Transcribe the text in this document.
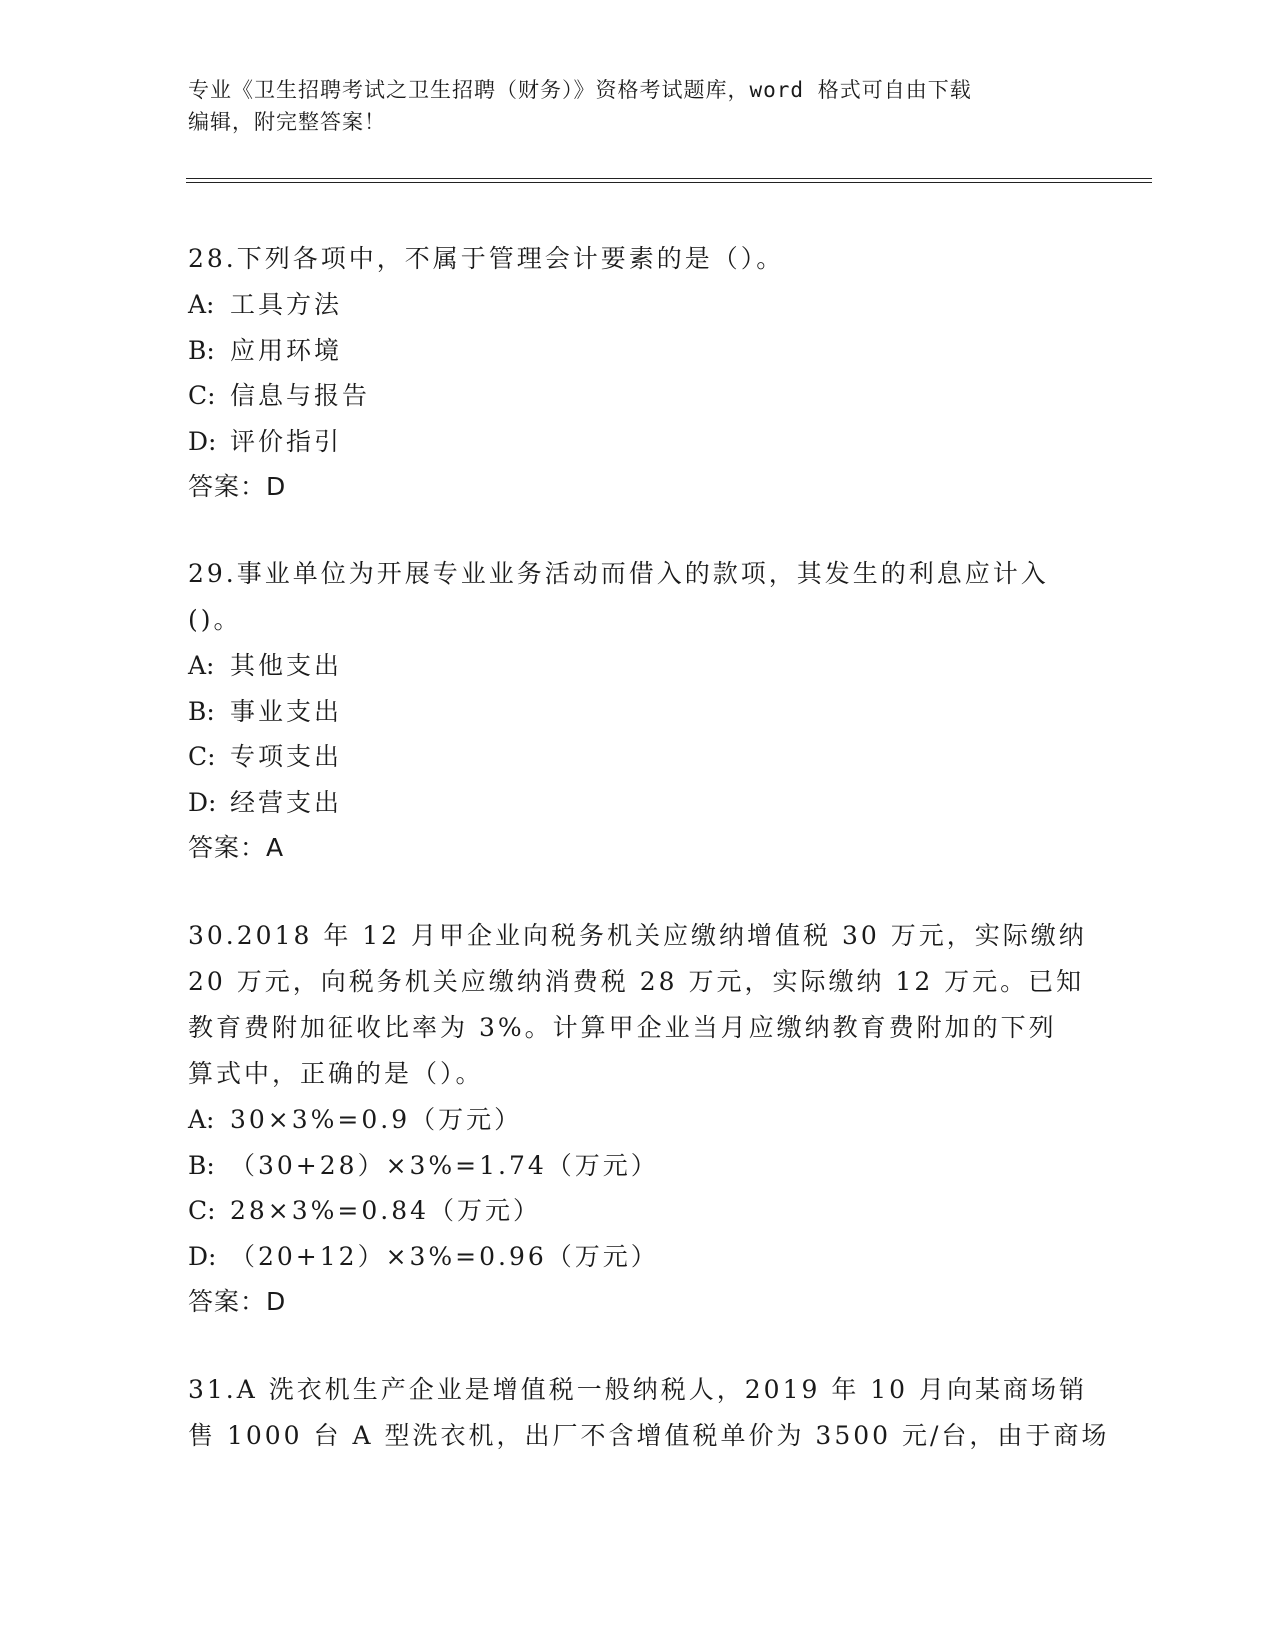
专业《卫生招聘考试之卫生招聘（财务）》资格考试题库，word 格式可自由下载
编辑，附完整答案！
28.下列各项中，不属于管理会计要素的是（）。
A: 工具方法
B: 应用环境
C: 信息与报告
D: 评价指引
答案：D
29.事业单位为开展专业业务活动而借入的款项，其发生的利息应计入
()。
A: 其他支出
B: 事业支出
C: 专项支出
D: 经营支出
答案：A
30.2018 年 12 月甲企业向税务机关应缴纳增值税 30 万元，实际缴纳
20 万元，向税务机关应缴纳消费税 28 万元，实际缴纳 12 万元。已知
教育费附加征收比率为 3%。计算甲企业当月应缴纳教育费附加的下列
算式中，正确的是（）。
A: 30×3%=0.9（万元）
B: （30+28）×3%=1.74（万元）
C: 28×3%=0.84（万元）
D: （20+12）×3%=0.96（万元）
答案：D
31.A 洗衣机生产企业是增值税一般纳税人，2019 年 10 月向某商场销
售 1000 台 A 型洗衣机，出厂不含增值税单价为 3500 元/台，由于商场
